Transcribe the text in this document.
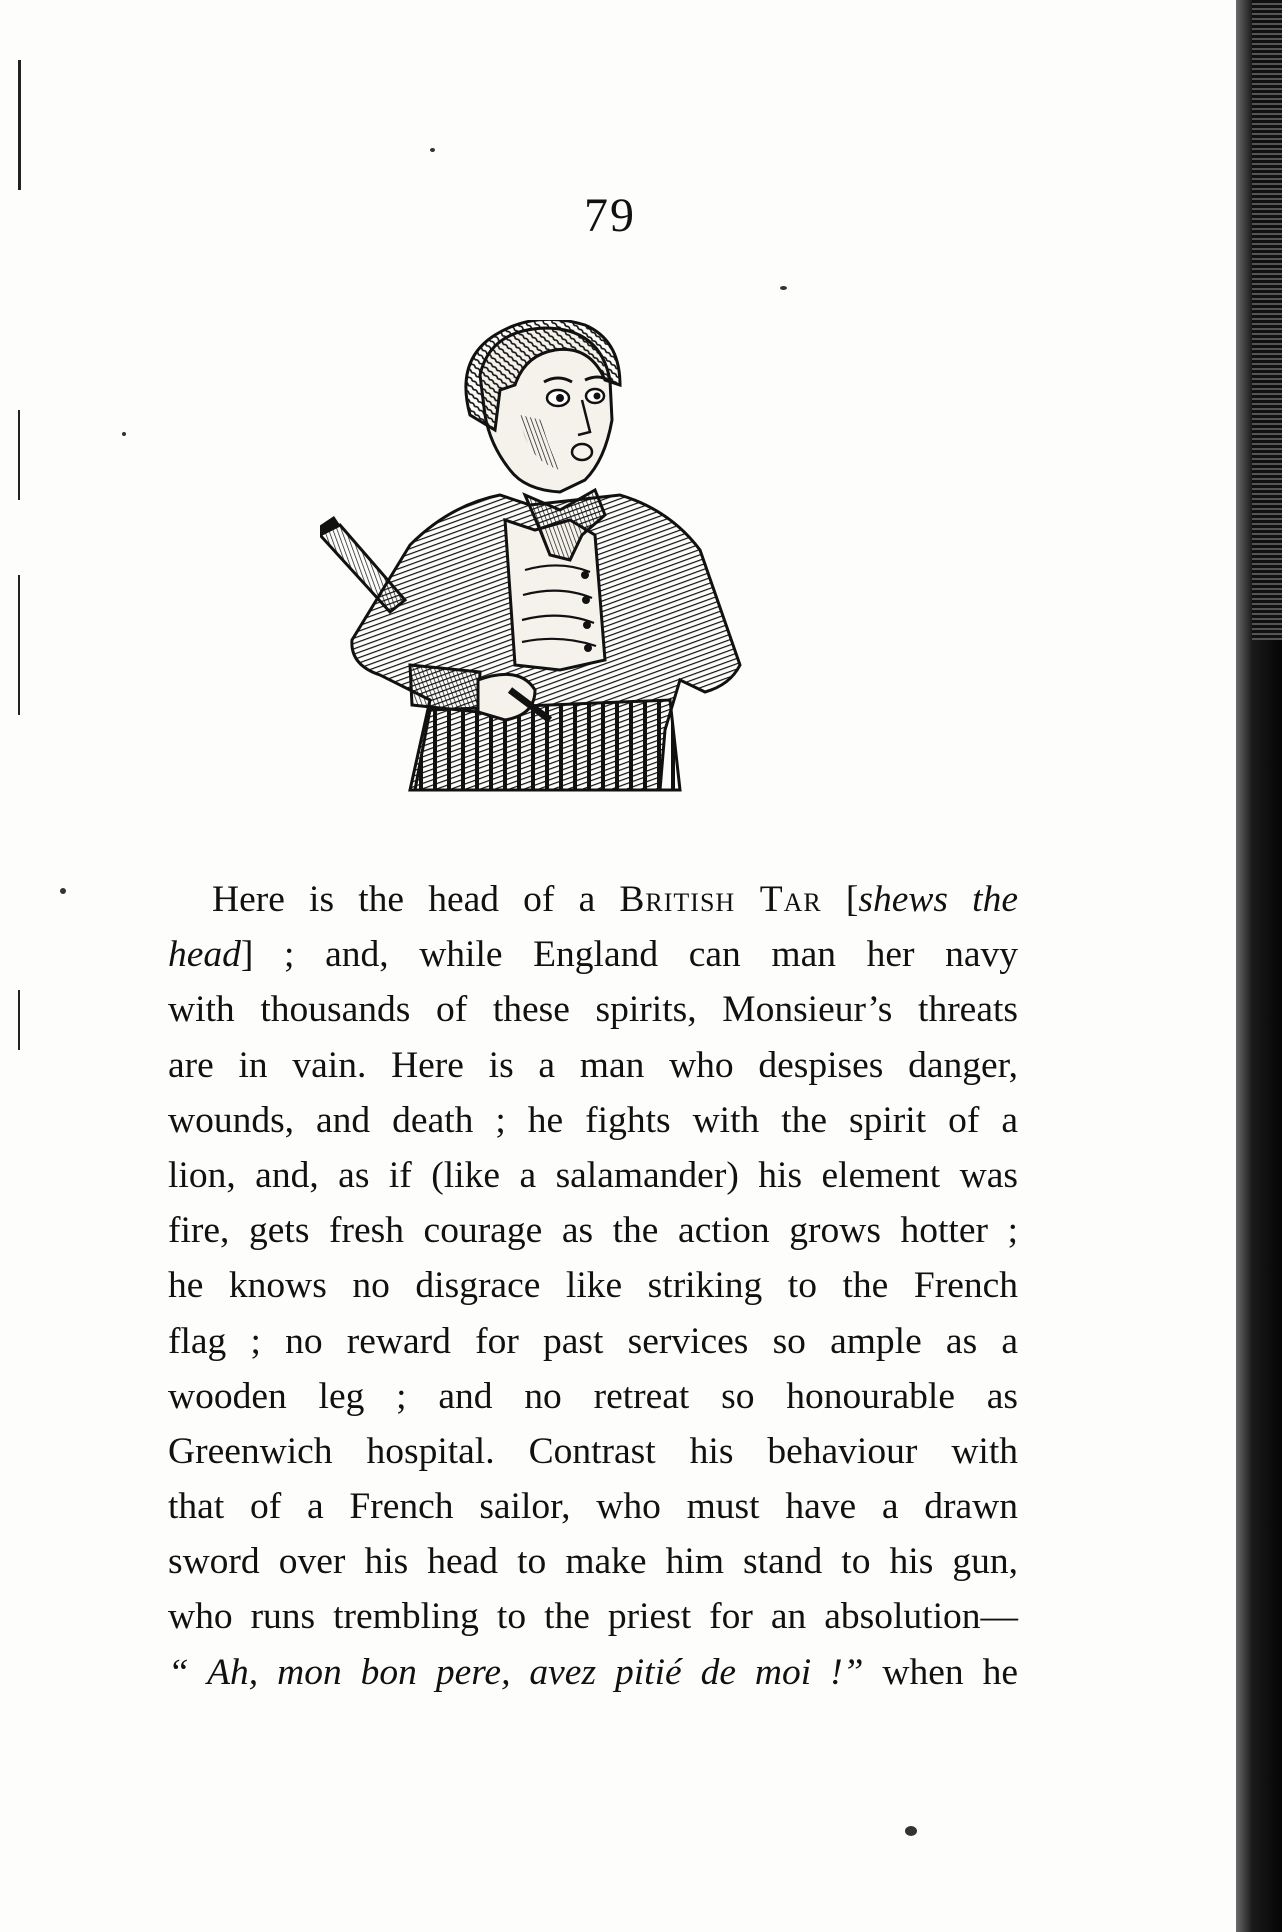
79
Here is the head of a British Tar [shews the
head] ; and, while England can man her navy
with thousands of these spirits, Monsieur’s threats
are in vain. Here is a man who despises danger,
wounds, and death ; he fights with the spirit of a
lion, and, as if (like a salamander) his element was
fire, gets fresh courage as the action grows hotter ;
he knows no disgrace like striking to the French
flag ; no reward for past services so ample as a
wooden leg ; and no retreat so honourable as
Greenwich hospital. Contrast his behaviour with
that of a French sailor, who must have a drawn
sword over his head to make him stand to his gun,
who runs trembling to the priest for an absolution—
“ Ah, mon bon pere, avez pitié de moi !” when he
